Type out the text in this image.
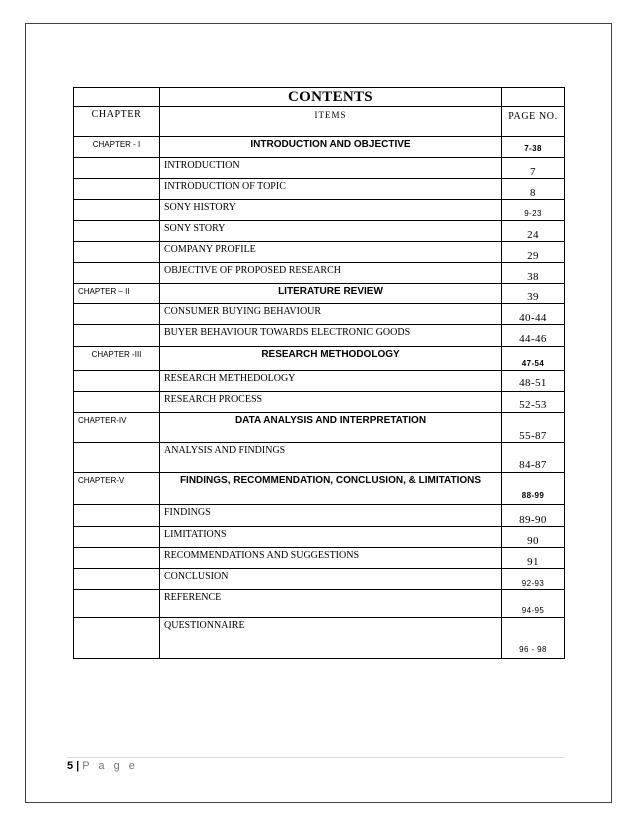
	CONTENTS	
CHAPTER	ITEMS	PAGE NO.
CHAPTER - I	INTRODUCTION AND OBJECTIVE	7-38
	INTRODUCTION	7
	INTRODUCTION OF TOPIC	8
	SONY HISTORY	9-23
	SONY STORY	24
	COMPANY PROFILE	29
	OBJECTIVE OF PROPOSED RESEARCH	38
CHAPTER – II	LITERATURE REVIEW	39
	CONSUMER BUYING BEHAVIOUR	40-44
	BUYER BEHAVIOUR TOWARDS ELECTRONIC GOODS	44-46
CHAPTER -III	RESEARCH METHODOLOGY	47-54
	RESEARCH METHEDOLOGY	48-51
	RESEARCH PROCESS	52-53
CHAPTER-IV	DATA ANALYSIS AND INTERPRETATION	55-87
	ANALYSIS AND FINDINGS	84-87
CHAPTER-V	FINDINGS, RECOMMENDATION, CONCLUSION, & LIMITATIONS	88-99
	FINDINGS	89-90
	LIMITATIONS	90
	RECOMMENDATIONS AND SUGGESTIONS	91
	CONCLUSION	92-93
	REFERENCE	94-95
	QUESTIONNAIRE	96 - 98
5 | P a g e
